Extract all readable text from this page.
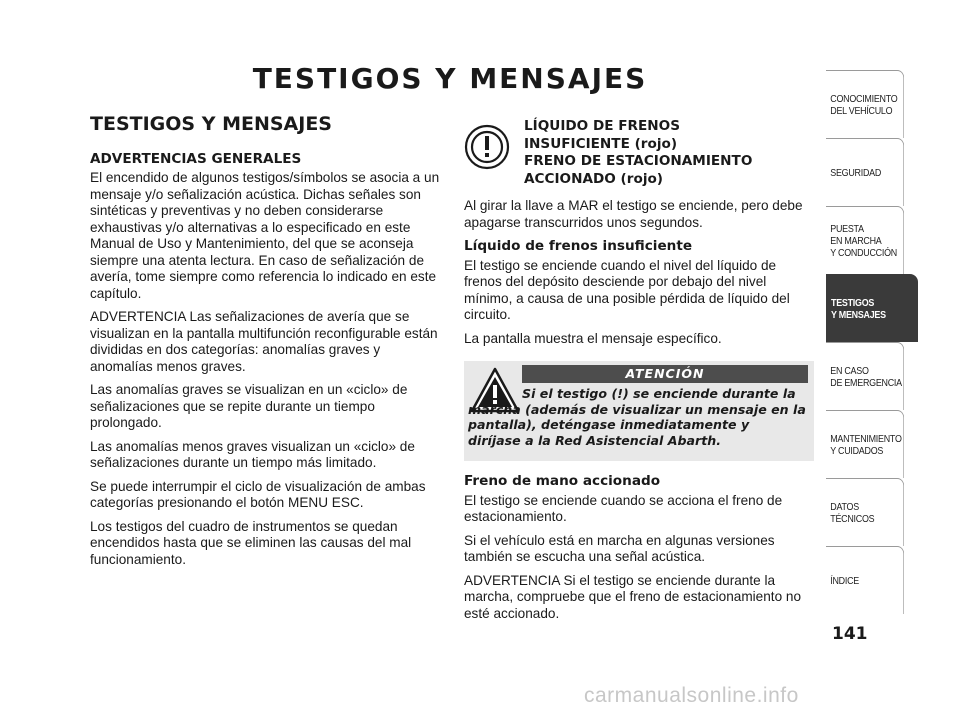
TESTIGOS Y MENSAJES
TESTIGOS Y MENSAJES
ADVERTENCIAS GENERALES

El encendido de algunos testigos/símbolos se asocia a un mensaje y/o señalización acústica. Dichas señales son sintéticas y preventivas y no deben considerarse exhaustivas y/o alternativas a lo especificado en este Manual de Uso y Mantenimiento, del que se aconseja siempre una atenta lectura. En caso de señalización de avería, tome siempre como referencia lo indicado en este capítulo.

ADVERTENCIA Las señalizaciones de avería que se visualizan en la pantalla multifunción reconfigurable están divididas en dos categorías: anomalías graves y anomalías menos graves.

Las anomalías graves se visualizan en un «ciclo» de señalizaciones que se repite durante un tiempo prolongado.

Las anomalías menos graves visualizan un «ciclo» de señalizaciones durante un tiempo más limitado.

Se puede interrumpir el ciclo de visualización de ambas categorías presionando el botón MENU ESC.

Los testigos del cuadro de instrumentos se quedan encendidos hasta que se eliminen las causas del mal funcionamiento.

LÍQUIDO DE FRENOS
INSUFICIENTE (rojo)
FRENO DE ESTACIONAMIENTO
ACCIONADO (rojo)

Al girar la llave a MAR el testigo se enciende, pero debe apagarse transcurridos unos segundos.

Líquido de frenos insuficiente

El testigo se enciende cuando el nivel del líquido de frenos del depósito desciende por debajo del nivel mínimo, a causa de una posible pérdida de líquido del circuito.

La pantalla muestra el mensaje específico.

ATENCIÓN
Si el testigo (!) se enciende durante la marcha (además de visualizar un mensaje en la pantalla), deténgase inmediatamente y diríjase a la Red Asistencial Abarth.
Freno de mano accionado

El testigo se enciende cuando se acciona el freno de estacionamiento.

Si el vehículo está en marcha en algunas versiones también se escucha una señal acústica.

ADVERTENCIA Si el testigo se enciende durante la marcha, compruebe que el freno de estacionamiento no esté accionado.

CONOCIMIENTO
DEL VEHÍCULO
SEGURIDAD
PUESTA
EN MARCHA
Y CONDUCCIÓN
TESTIGOS
Y MENSAJES
EN CASO
DE EMERGENCIA
MANTENIMIENTO
Y CUIDADOS
DATOS TÉCNICOS
ÍNDICE
141
carmanualsonline.info
